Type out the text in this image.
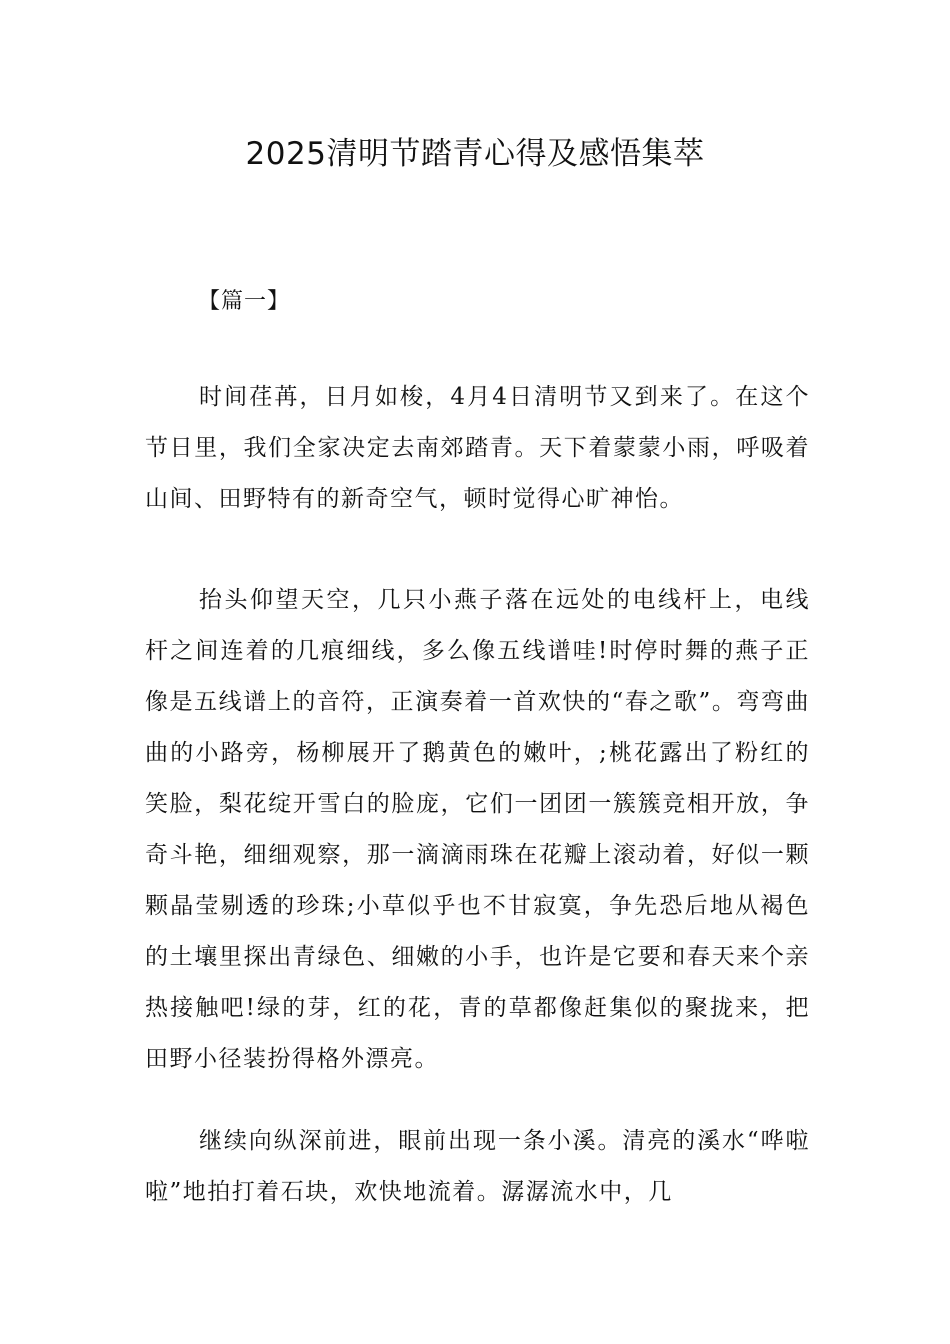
2025清明节踏青心得及感悟集萃

【篇一】

时间荏苒，日月如梭，4月4日清明节又到来了。在这个节日里，我们全家决定去南郊踏青。天下着蒙蒙小雨，呼吸着山间、田野特有的新奇空气，顿时觉得心旷神怡。

抬头仰望天空，几只小燕子落在远处的电线杆上，电线杆之间连着的几痕细线，多么像五线谱哇!时停时舞的燕子正像是五线谱上的音符，正演奏着一首欢快的“春之歌”。弯弯曲曲的小路旁，杨柳展开了鹅黄色的嫩叶，;桃花露出了粉红的笑脸，梨花绽开雪白的脸庞，它们一团团一簇簇竞相开放，争奇斗艳，细细观察，那一滴滴雨珠在花瓣上滚动着，好似一颗颗晶莹剔透的珍珠;小草似乎也不甘寂寞，争先恐后地从褐色的土壤里探出青绿色、细嫩的小手，也许是它要和春天来个亲热接触吧!绿的芽，红的花，青的草都像赶集似的聚拢来，把田野小径装扮得格外漂亮。

继续向纵深前进，眼前出现一条小溪。清亮的溪水“哗啦啦”地拍打着石块，欢快地流着。潺潺流水中，几
